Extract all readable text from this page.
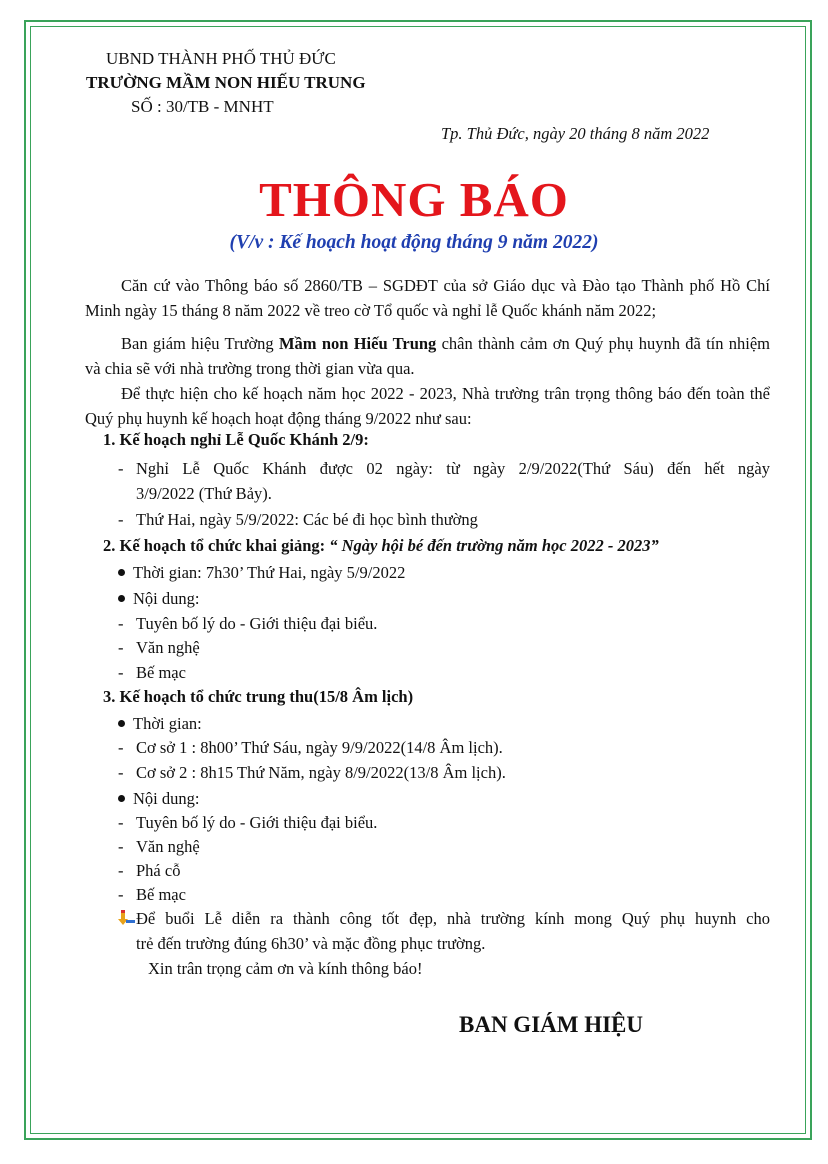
UBND THÀNH PHỐ THỦ ĐỨC
TRƯỜNG MẦM NON HIẾU TRUNG
SỐ : 30/TB - MNHT
Tp. Thủ Đức, ngày 20 tháng 8 năm 2022
THÔNG BÁO
(V/v : Kế hoạch hoạt động tháng 9 năm 2022)
Căn cứ vào Thông báo số 2860/TB – SGDĐT của sở Giáo dục và Đào tạo Thành phố Hồ Chí Minh ngày 15 tháng 8 năm 2022 về treo cờ Tổ quốc và nghỉ lễ Quốc khánh năm 2022;
Ban giám hiệu Trường Mầm non Hiếu Trung chân thành cảm ơn Quý phụ huynh đã tín nhiệm và chia sẽ với nhà trường trong thời gian vừa qua.
Để thực hiện cho kế hoạch năm học 2022 - 2023, Nhà trường trân trọng thông báo đến toàn thể Quý phụ huynh kế hoạch hoạt động tháng 9/2022 như sau:
1. Kế hoạch nghỉ Lễ Quốc Khánh 2/9:
- Nghỉ Lễ Quốc Khánh được 02 ngày: từ ngày 2/9/2022(Thứ Sáu) đến hết ngày
3/9/2022 (Thứ Bảy).
- Thứ Hai, ngày 5/9/2022: Các bé đi học bình thường
2. Kế hoạch tổ chức khai giảng: “ Ngày hội bé đến trường năm học 2022 - 2023”
Thời gian: 7h30’ Thứ Hai, ngày 5/9/2022
Nội dung:
- Tuyên bố lý do - Giới thiệu đại biểu.
- Văn nghệ
- Bế mạc
3. Kế hoạch tổ chức trung thu(15/8 Âm lịch)
Thời gian:
- Cơ sở 1 : 8h00’ Thứ Sáu, ngày 9/9/2022(14/8 Âm lịch).
- Cơ sở 2 : 8h15 Thứ Năm, ngày 8/9/2022(13/8 Âm lịch).
Nội dung:
- Tuyên bố lý do - Giới thiệu đại biểu.
- Văn nghệ
- Phá cỗ
- Bế mạc
Để buổi Lễ diễn ra thành công tốt đẹp, nhà trường kính mong Quý phụ huynh cho
trẻ đến trường đúng 6h30’ và mặc đồng phục trường.
Xin trân trọng cảm ơn và kính thông báo!
BAN GIÁM HIỆU
